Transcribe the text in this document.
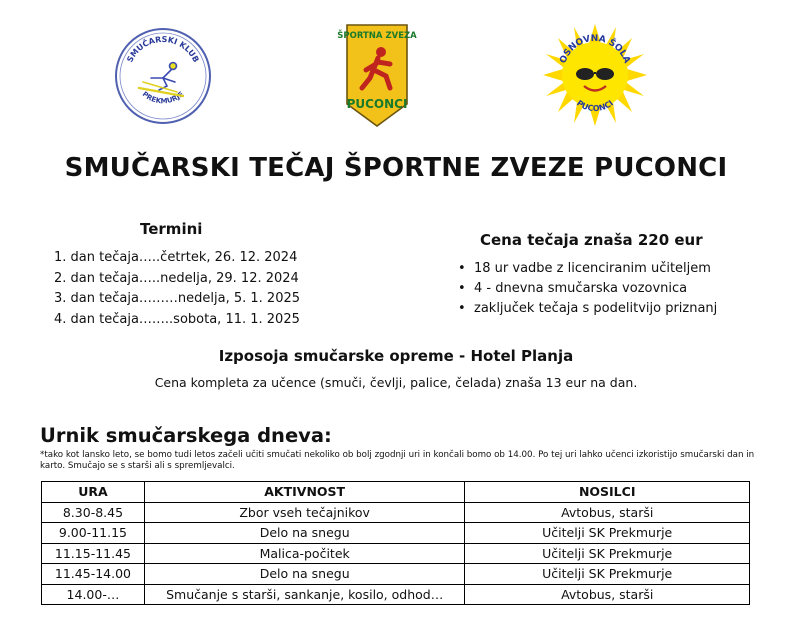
SMUČARSKI KLUB
PREKMURJE
ŠPORTNA ZVEZA
PUCONCI
OSNOVNA ŠOLA
PUCONCI
SMUČARSKI TEČAJ ŠPORTNE ZVEZE PUCONCI
Termini
1. dan tečaja…..četrtek, 26. 12. 2024
2. dan tečaja…..nedelja, 29. 12. 2024
3. dan tečaja………nedelja, 5. 1. 2025
4. dan tečaja……..sobota, 11. 1. 2025
Cena tečaja znaša 220 eur
• 18 ur vadbe z licenciranim učiteljem
• 4 - dnevna smučarska vozovnica
• zaključek tečaja s podelitvijo priznanj
Izposoja smučarske opreme - Hotel Planja
Cena kompleta za učence (smuči, čevlji, palice, čelada) znaša 13 eur na dan.
Urnik smučarskega dneva:
*tako kot lansko leto, se bomo tudi letos začeli učiti smučati nekoliko ob bolj zgodnji uri in končali bomo ob 14.00. Po tej uri lahko učenci izkoristijo smučarski dan in karto. Smučajo se s starši ali s spremljevalci.
URA	AKTIVNOST	NOSILCI
8.30-8.45	Zbor vseh tečajnikov	Avtobus, starši
9.00-11.15	Delo na snegu	Učitelji SK Prekmurje
11.15-11.45	Malica-počitek	Učitelji SK Prekmurje
11.45-14.00	Delo na snegu	Učitelji SK Prekmurje
14.00-…	Smučanje s starši, sankanje, kosilo, odhod…	Avtobus, starši
